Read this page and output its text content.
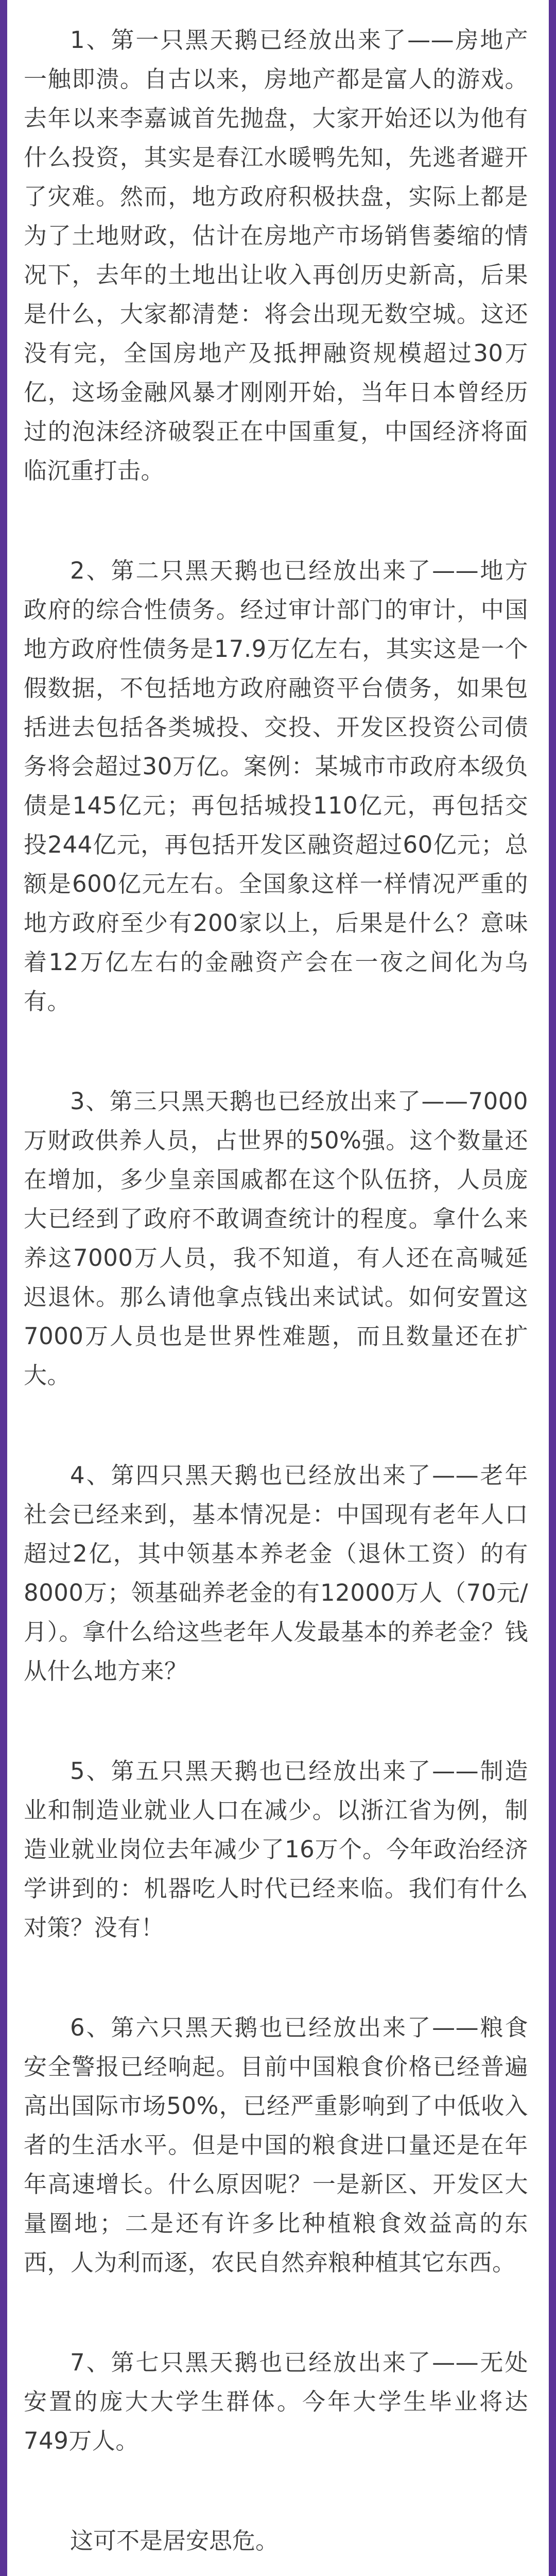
1、第一只黑天鹅已经放出来了——房地产一触即溃。自古以来，房地产都是富人的游戏。去年以来李嘉诚首先抛盘，大家开始还以为他有什么投资，其实是春江水暖鸭先知，先逃者避开了灾难。然而，地方政府积极扶盘，实际上都是为了土地财政，估计在房地产市场销售萎缩的情况下，去年的土地出让收入再创历史新高，后果是什么，大家都清楚：将会出现无数空城。这还没有完，全国房地产及抵押融资规模超过30万亿，这场金融风暴才刚刚开始，当年日本曾经历过的泡沫经济破裂正在中国重复，中国经济将面临沉重打击。

2、第二只黑天鹅也已经放出来了——地方政府的综合性债务。经过审计部门的审计，中国地方政府性债务是17.9万亿左右，其实这是一个假数据，不包括地方政府融资平台债务，如果包括进去包括各类城投、交投、开发区投资公司债务将会超过30万亿。案例：某城市市政府本级负债是145亿元；再包括城投110亿元，再包括交投244亿元，再包括开发区融资超过60亿元；总额是600亿元左右。全国象这样一样情况严重的地方政府至少有200家以上，后果是什么？意味着12万亿左右的金融资产会在一夜之间化为乌有。

3、第三只黑天鹅也已经放出来了——7000万财政供养人员，占世界的50%强。这个数量还在增加，多少皇亲国戚都在这个队伍挤，人员庞大已经到了政府不敢调查统计的程度。拿什么来养这7000万人员，我不知道，有人还在高喊延迟退休。那么请他拿点钱出来试试。如何安置这7000万人员也是世界性难题，而且数量还在扩大。

4、第四只黑天鹅也已经放出来了——老年社会已经来到，基本情况是：中国现有老年人口超过2亿，其中领基本养老金（退休工资）的有8000万；领基础养老金的有12000万人（70元/月）。拿什么给这些老年人发最基本的养老金？钱从什么地方来？

5、第五只黑天鹅也已经放出来了——制造业和制造业就业人口在减少。以浙江省为例，制造业就业岗位去年减少了16万个。今年政治经济学讲到的：机器吃人时代已经来临。我们有什么对策？没有！

6、第六只黑天鹅也已经放出来了——粮食安全警报已经响起。目前中国粮食价格已经普遍高出国际市场50%，已经严重影响到了中低收入者的生活水平。但是中国的粮食进口量还是在年年高速增长。什么原因呢？一是新区、开发区大量圈地；二是还有许多比种植粮食效益高的东西，人为利而逐，农民自然弃粮种植其它东西。

7、第七只黑天鹅也已经放出来了——无处安置的庞大大学生群体。今年大学生毕业将达749万人。

这可不是居安思危。
